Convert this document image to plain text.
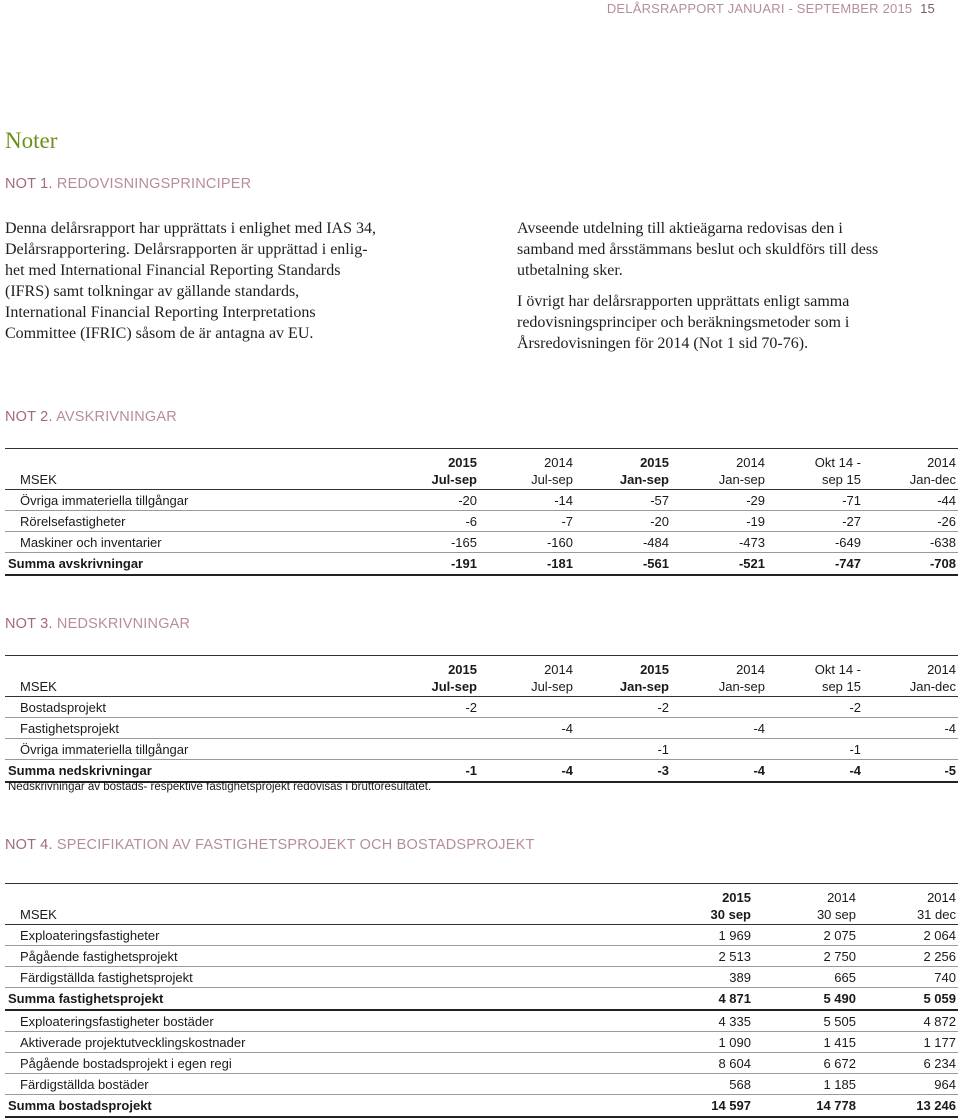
DELÅRSRAPPORT JANUARI - SEPTEMBER 2015 15
Noter
NOT 1. REDOVISNINGSPRINCIPER
Denna delårsrapport har upprättats i enlighet med IAS 34,
Delårsrapportering. Delårsrapporten är upprättad i enlig-
het med International Financial Reporting Standards
(IFRS) samt tolkningar av gällande standards,
International Financial Reporting Interpretations
Committee (IFRIC) såsom de är antagna av EU.

Avseende utdelning till aktieägarna redovisas den i
samband med årsstämmans beslut och skuldförs till dess
utbetalning sker.

I övrigt har delårsrapporten upprättats enligt samma
redovisningsprinciper och beräkningsmetoder som i
Årsredovisningen för 2014 (Not 1 sid 70-76).

NOT 2. AVSKRIVNINGAR
	2015	2014	2015	2014	Okt 14 -	2014
MSEK	Jul-sep	Jul-sep	Jan-sep	Jan-sep	sep 15	Jan-dec
Övriga immateriella tillgångar	-20	-14	-57	-29	-71	-44
Rörelsefastigheter	-6	-7	-20	-19	-27	-26
Maskiner och inventarier	-165	-160	-484	-473	-649	-638
Summa avskrivningar	-191	-181	-561	-521	-747	-708
NOT 3. NEDSKRIVNINGAR
	2015	2014	2015	2014	Okt 14 -	2014
MSEK	Jul-sep	Jul-sep	Jan-sep	Jan-sep	sep 15	Jan-dec
Bostadsprojekt	-2		-2		-2	
Fastighetsprojekt		-4		-4		-4
Övriga immateriella tillgångar			-1		-1	
Summa nedskrivningar	-1	-4	-3	-4	-4	-5
Nedskrivningar av bostads- respektive fastighetsprojekt redovisas i bruttoresultatet.
NOT 4. SPECIFIKATION AV FASTIGHETSPROJEKT OCH BOSTADSPROJEKT
	2015	2014	2014
MSEK	30 sep	30 sep	31 dec
Exploateringsfastigheter	1 969	2 075	2 064
Pågående fastighetsprojekt	2 513	2 750	2 256
Färdigställda fastighetsprojekt	389	665	740
Summa fastighetsprojekt	4 871	5 490	5 059
Exploateringsfastigheter bostäder	4 335	5 505	4 872
Aktiverade projektutvecklingskostnader	1 090	1 415	1 177
Pågående bostadsprojekt i egen regi	8 604	6 672	6 234
Färdigställda bostäder	568	1 185	964
Summa bostadsprojekt	14 597	14 778	13 246
